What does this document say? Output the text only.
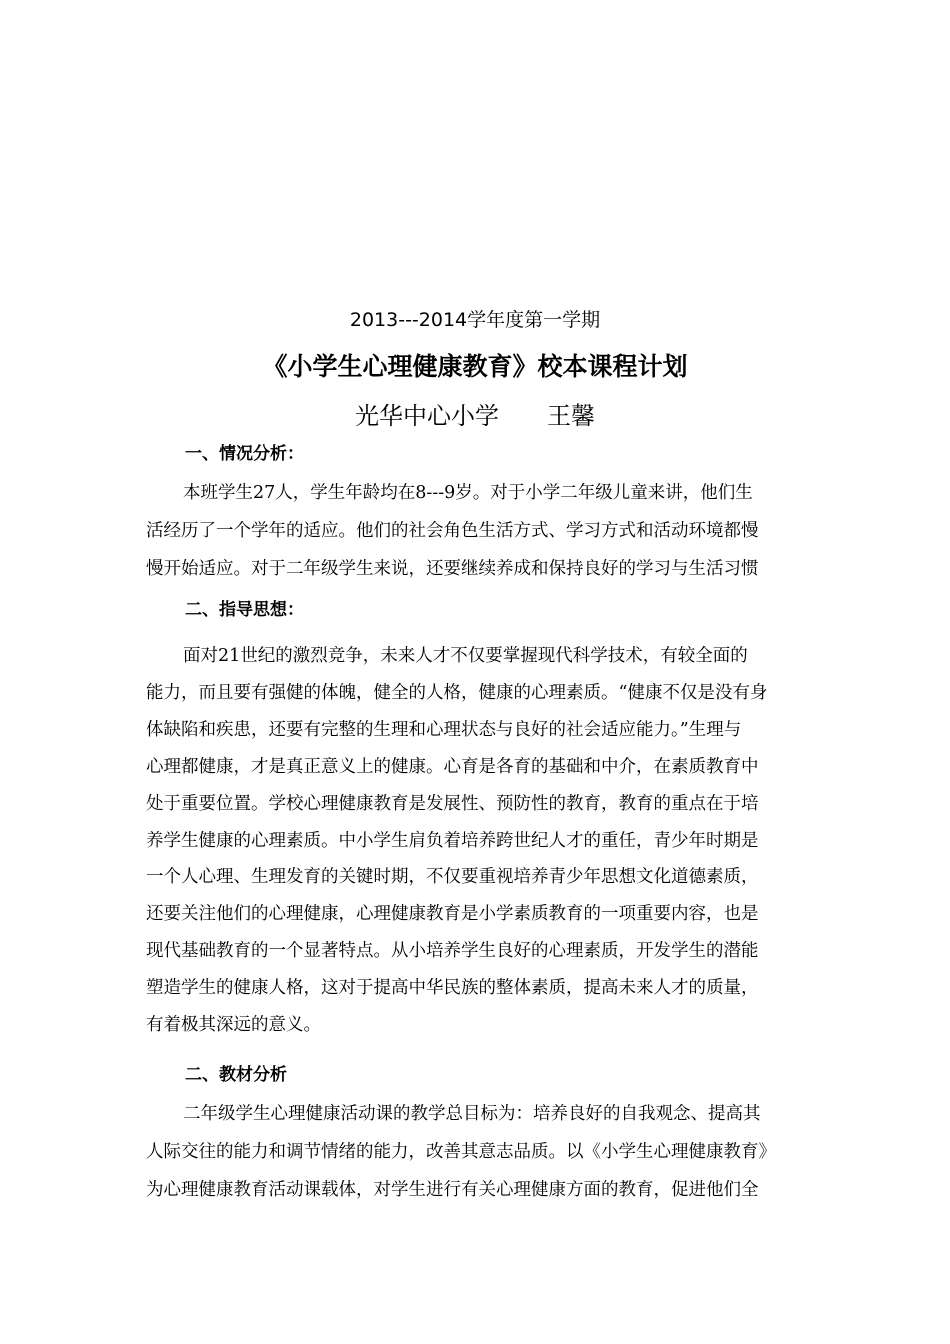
2013---2014学年度第一学期
《小学生心理健康教育》校本课程计划
光华中心小学 王馨
一、情况分析：
本班学生27人，学生年龄均在8---9岁。对于小学二年级儿童来讲，他们生
活经历了一个学年的适应。他们的社会角色生活方式、学习方式和活动环境都慢
慢开始适应。对于二年级学生来说，还要继续养成和保持良好的学习与生活习惯
二、指导思想：
面对21世纪的激烈竞争，未来人才不仅要掌握现代科学技术，有较全面的
能力，而且要有强健的体魄，健全的人格，健康的心理素质。“健康不仅是没有身
体缺陷和疾患，还要有完整的生理和心理状态与良好的社会适应能力。”生理与
心理都健康，才是真正意义上的健康。心育是各育的基础和中介，在素质教育中
处于重要位置。学校心理健康教育是发展性、预防性的教育，教育的重点在于培
养学生健康的心理素质。中小学生肩负着培养跨世纪人才的重任，青少年时期是
一个人心理、生理发育的关键时期，不仅要重视培养青少年思想文化道德素质，
还要关注他们的心理健康，心理健康教育是小学素质教育的一项重要内容，也是
现代基础教育的一个显著特点。从小培养学生良好的心理素质，开发学生的潜能
塑造学生的健康人格，这对于提高中华民族的整体素质，提高未来人才的质量，
有着极其深远的意义。
二、教材分析
二年级学生心理健康活动课的教学总目标为：培养良好的自我观念、提高其
人际交往的能力和调节情绪的能力，改善其意志品质。以《小学生心理健康教育》
为心理健康教育活动课载体，对学生进行有关心理健康方面的教育，促进他们全
